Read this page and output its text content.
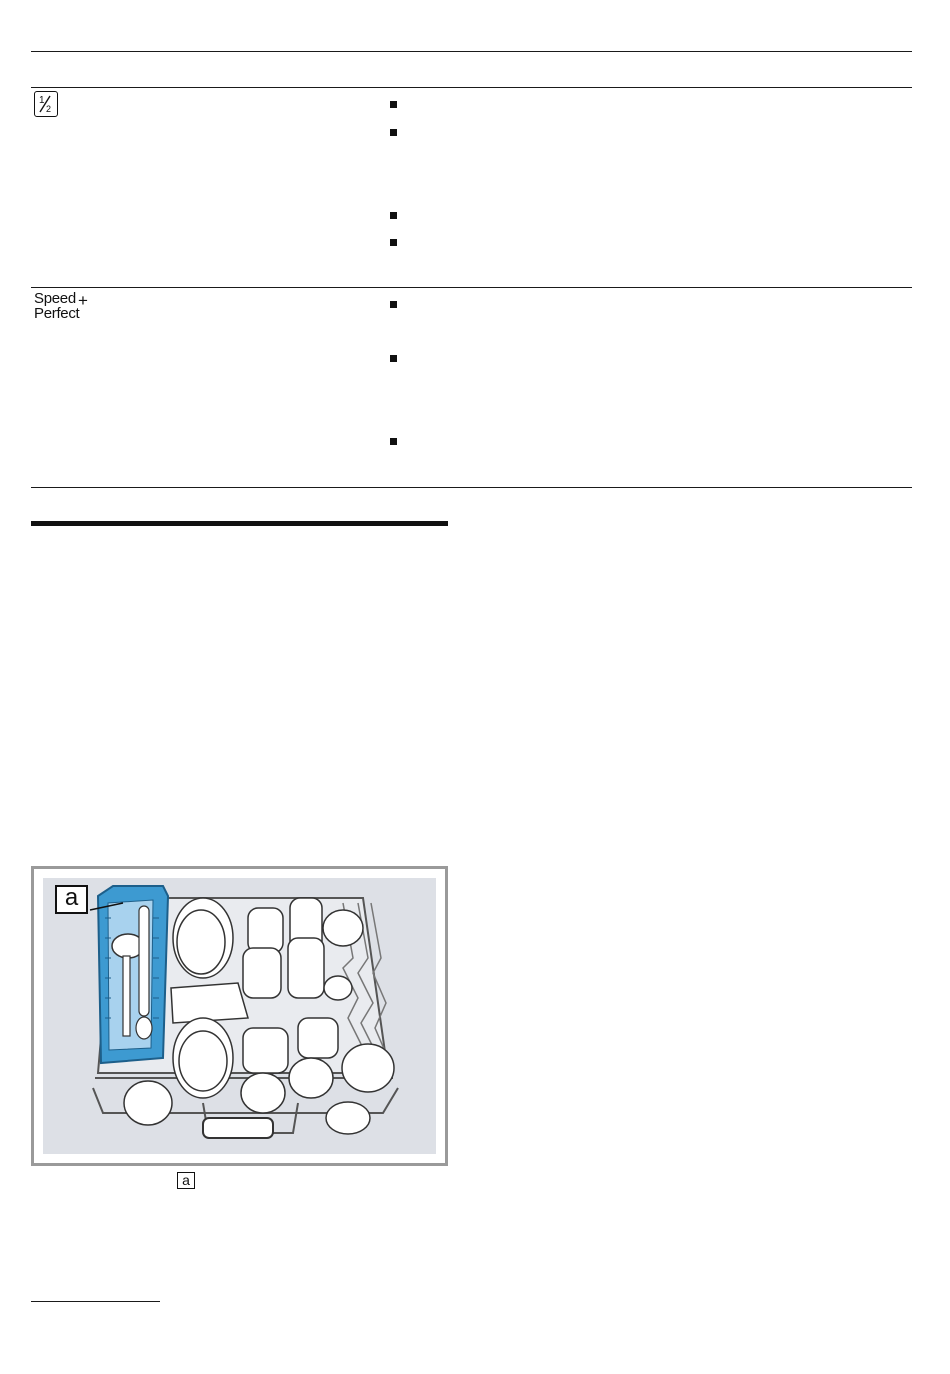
1
2
Speed
Perfect
+
a
a
